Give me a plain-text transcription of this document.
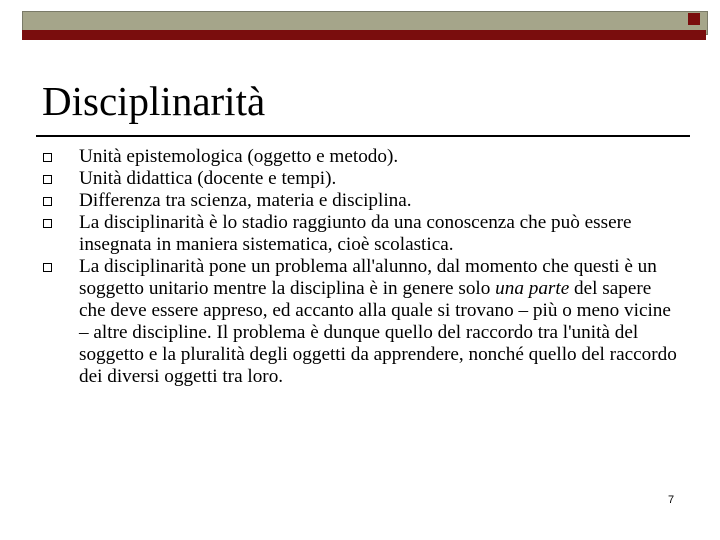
Disciplinarità
Unità epistemologica (oggetto e metodo).
Unità didattica (docente e tempi).
Differenza tra scienza, materia e disciplina.
La disciplinarità è lo stadio raggiunto da una conoscenza che può essere insegnata in maniera sistematica, cioè scolastica.
La disciplinarità pone un problema all'alunno, dal momento che questi è un soggetto unitario mentre la disciplina è in genere solo una parte del sapere che deve essere appreso, ed accanto alla quale si trovano – più o meno vicine – altre discipline. Il problema è dunque quello del raccordo tra l'unità del soggetto e la pluralità degli oggetti da apprendere, nonché quello del raccordo dei diversi oggetti tra loro.
7
